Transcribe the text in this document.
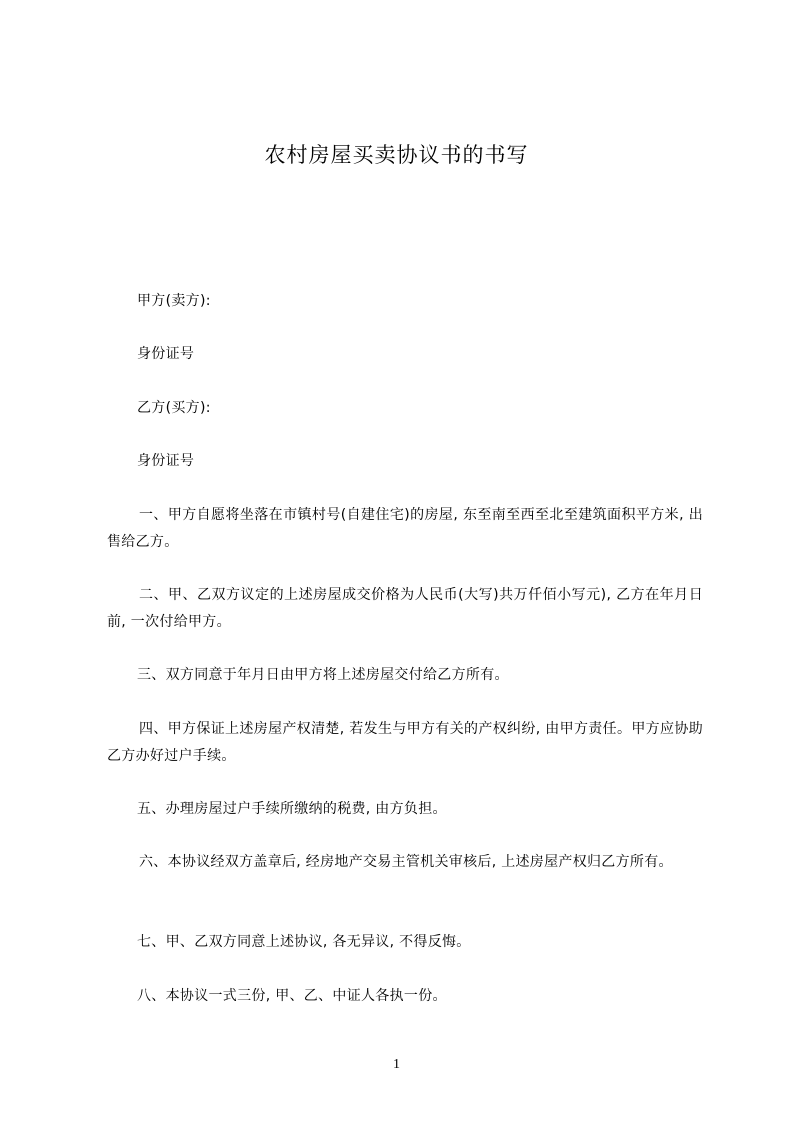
农村房屋买卖协议书的书写

甲方(卖方):

身份证号

乙方(买方):

身份证号

一、甲方自愿将坐落在市镇村号(自建住宅)的房屋, 东至南至西至北至建筑面积平方米, 出售给乙方。

二、甲、乙双方议定的上述房屋成交价格为人民币(大写)共万仟佰小写元), 乙方在年月日前, 一次付给甲方。

三、双方同意于年月日由甲方将上述房屋交付给乙方所有。

四、甲方保证上述房屋产权清楚, 若发生与甲方有关的产权纠纷, 由甲方责任。甲方应协助乙方办好过户手续。

五、办理房屋过户手续所缴纳的税费, 由方负担。

六、本协议经双方盖章后, 经房地产交易主管机关审核后, 上述房屋产权归乙方所有。

七、甲、乙双方同意上述协议, 各无异议, 不得反悔。

八、本协议一式三份, 甲、乙、中证人各执一份。

1
